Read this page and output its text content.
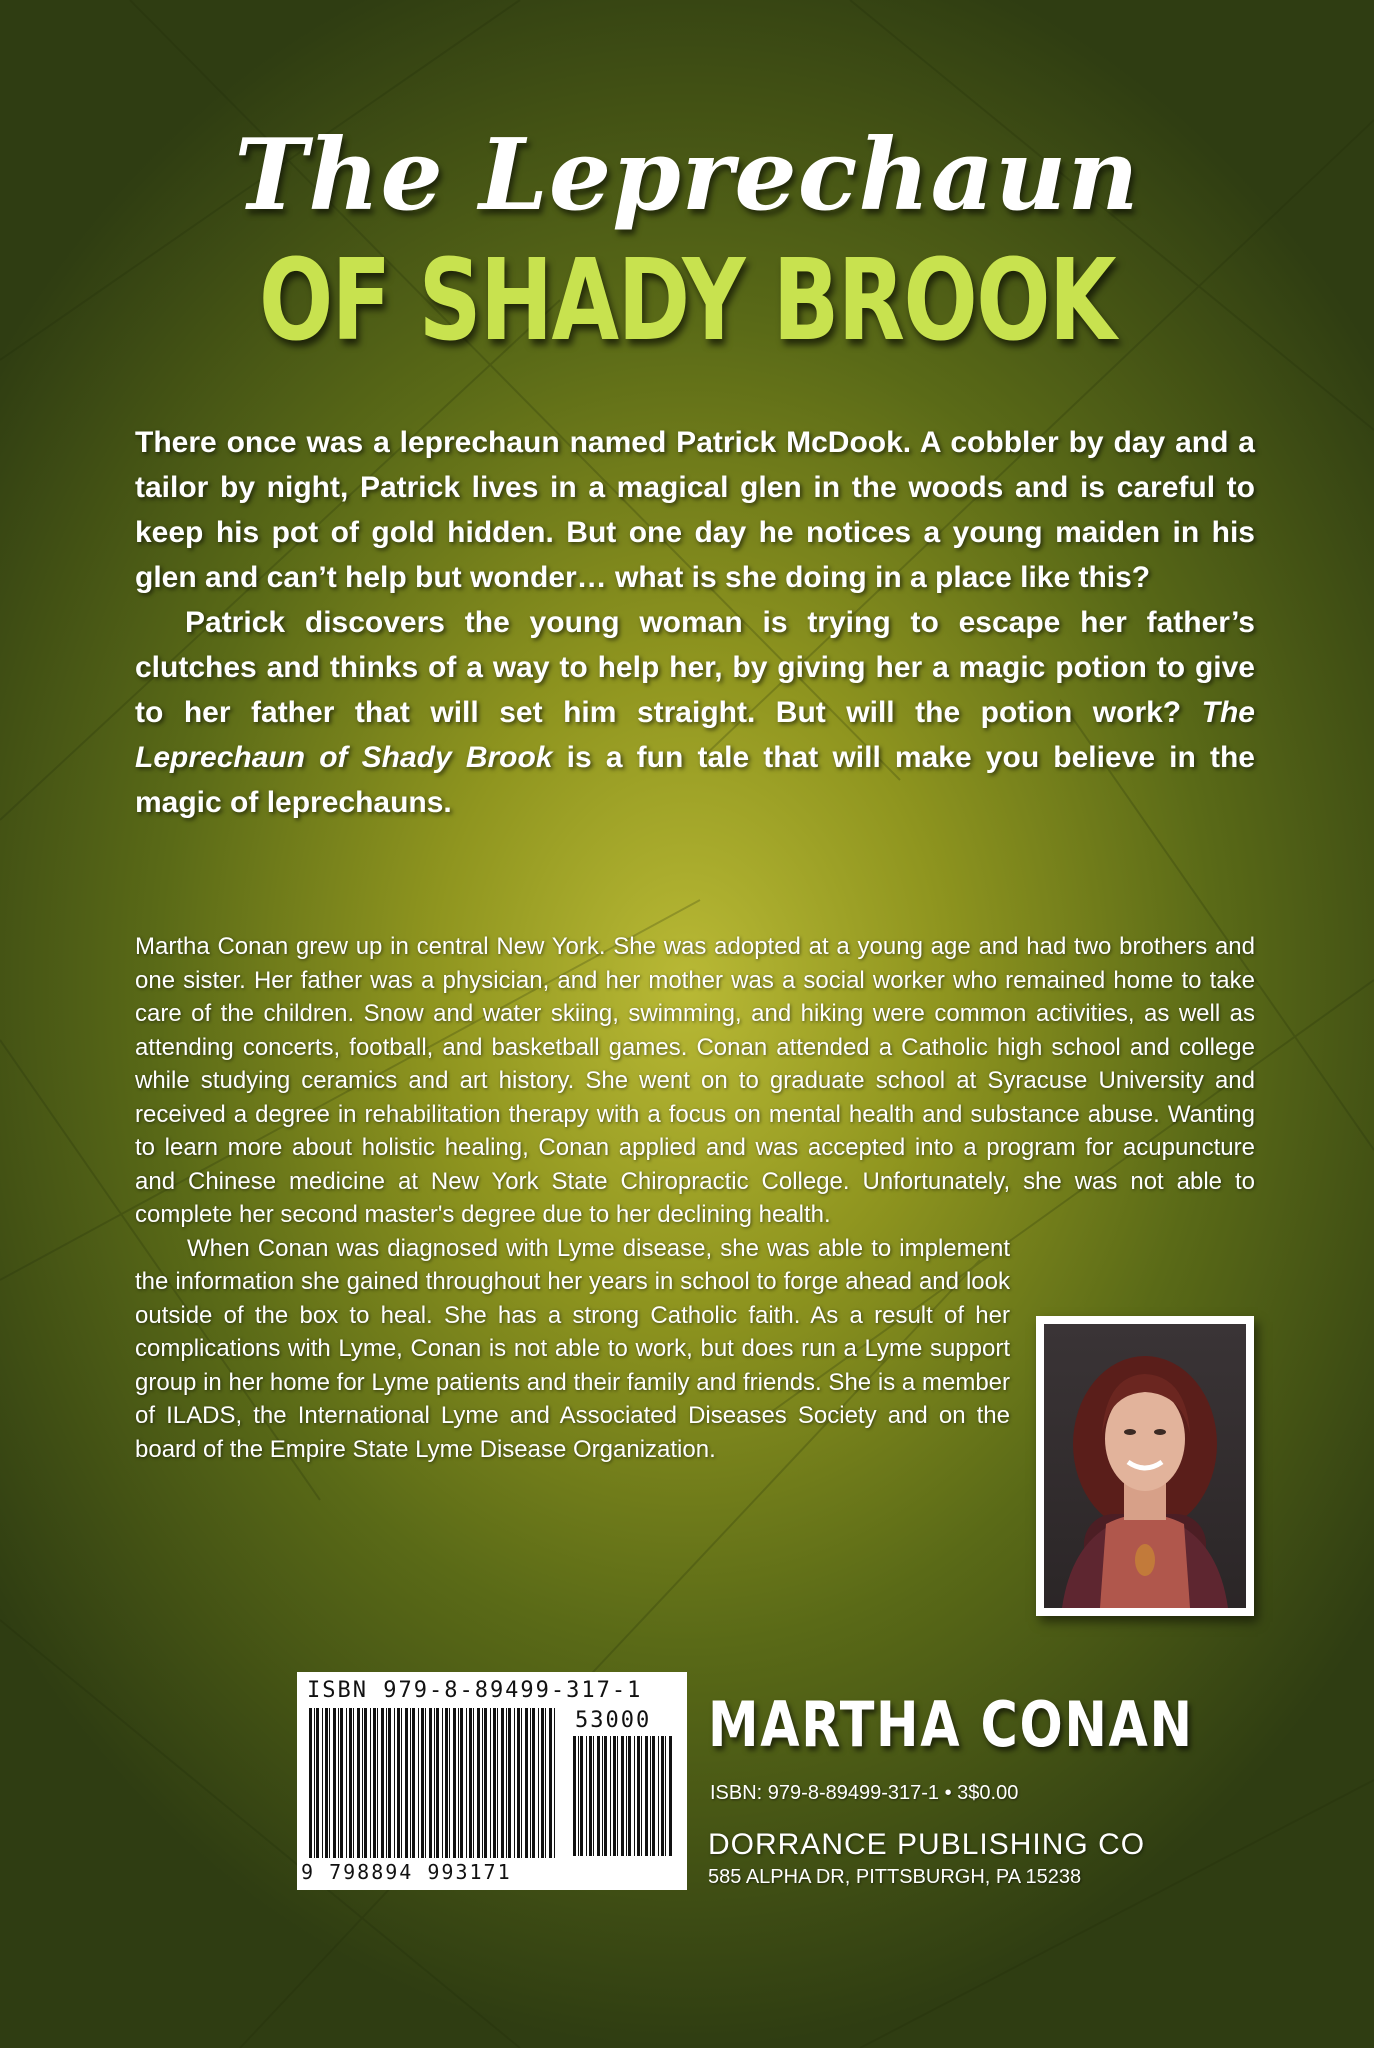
The Leprechaun
OF SHADY BROOK

There once was a leprechaun named Patrick McDook. A cobbler by day and a tailor by night, Patrick lives in a magical glen in the woods and is careful to keep his pot of gold hidden. But one day he notices a young maiden in his glen and can’t help but wonder… what is she doing in a place like this?

Patrick discovers the young woman is trying to escape her father’s clutches and thinks of a way to help her, by giving her a magic potion to give to her father that will set him straight. But will the potion work? The Leprechaun of Shady Brook is a fun tale that will make you believe in the magic of leprechauns.

Martha Conan grew up in central New York. She was adopted at a young age and had two brothers and one sister. Her father was a physician, and her mother was a social worker who remained home to take care of the children. Snow and water skiing, swimming, and hiking were common activities, as well as attending concerts, football, and basketball games. Conan attended a Catholic high school and college while studying ceramics and art history. She went on to graduate school at Syracuse University and received a degree in rehabilitation therapy with a focus on mental health and substance abuse. Wanting to learn more about holistic healing, Conan applied and was accepted into a program for acupuncture and Chinese medicine at New York State Chiropractic College. Unfortunately, she was not able to complete her second master's degree due to her declining health.

When Conan was diagnosed with Lyme disease, she was able to implement the information she gained throughout her years in school to forge ahead and look outside of the box to heal. She has a strong Catholic faith. As a result of her complications with Lyme, Conan is not able to work, but does run a Lyme support group in her home for Lyme patients and their family and friends. She is a member of ILADS, the International Lyme and Associated Diseases Society and on the board of the Empire State Lyme Disease Organization.

ISBN 979-8-89499-317-1
53000
9 798894 993171
MARTHA CONAN
ISBN: 979-8-89499-317-1 • 3$0.00
DORRANCE PUBLISHING CO
585 ALPHA DR, PITTSBURGH, PA 15238
